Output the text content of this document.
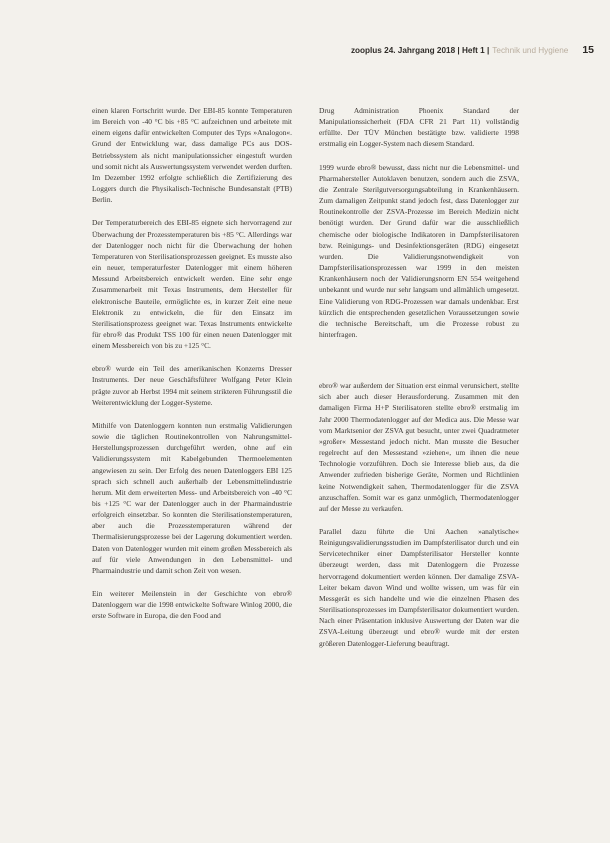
zooplus 24. Jahrgang 2018 | Heft 1 | Technik und Hygiene 15

einen klaren Fortschritt wurde. Der EBI-85 konnte Temperaturen im Bereich von -40 °C bis +85 °C aufzeichnen und arbeitete mit einem eigens dafür entwickelten Computer des Typs »Analogon«. Grund der Entwicklung war, dass damalige PCs aus DOS-Betriebssystem als nicht manipulationssicher eingestuft wurden und somit nicht als Auswertungssystem verwendet werden durften. Im Dezember 1992 erfolgte schließlich die Zertifizierung des Loggers durch die Physikalisch-Technische Bundesanstalt (PTB) Berlin.

Der Temperaturbereich des EBI-85 eignete sich hervorragend zur Überwachung der Prozesstemperaturen bis +85 °C. Allerdings war der Datenlogger noch nicht für die Überwachung der hohen Temperaturen von Sterilisationsprozessen geeignet. Es musste also ein neuer, temperaturfester Datenlogger mit einem höheren Messund Arbeitsbereich entwickelt werden. Eine sehr enge Zusammenarbeit mit Texas Instruments, dem Hersteller für elektronische Bauteile, ermöglichte es, in kurzer Zeit eine neue Elektronik zu entwickeln, die für den Einsatz im Sterilisationsprozess geeignet war. Texas Instruments entwickelte für ebro® das Produkt TSS 100 für einen neuen Datenlogger mit einem Messbereich von bis zu +125 °C.

ebro® wurde ein Teil des amerikanischen Konzerns Dresser Instruments. Der neue Geschäftsführer Wolfgang Peter Klein prägte zuvor ab Herbst 1994 mit seinem strikteren Führungsstil die Weiterentwicklung der Logger-Systeme.

Mithilfe von Datenloggern konnten nun erstmalig Validierungen sowie die täglichen Routinekontrollen von Nahrungsmittel-Herstellungsprozessen durchgeführt werden, ohne auf ein Validierungssystem mit Kabelgebunden Thermoelementen angewiesen zu sein. Der Erfolg des neuen Datenloggers EBI 125 sprach sich schnell auch außerhalb der Lebensmittelindustrie herum. Mit dem erweiterten Mess- und Arbeitsbereich von -40 °C bis +125 °C war der Datenlogger auch in der Pharmaindustrie erfolgreich einsetzbar. So konnten die Sterilisationstemperaturen, aber auch die Prozesstemperaturen während der Thermalisierungsprozesse bei der Lagerung dokumentiert werden. Daten von Datenlogger wurden mit einem großen Messbereich als auf für viele Anwendungen in den Lebensmittel- und Pharmaindustrie und damit schon Zeit von wesen.

Ein weiterer Meilenstein in der Geschichte von ebro® Datenloggern war die 1998 entwickelte Software Winlog 2000, die erste Software in Europa, die den Food and

Drug Administration Phoenix Standard der Manipulationssicherheit (FDA CFR 21 Part 11) vollständig erfüllte. Der TÜV München bestätigte bzw. validierte 1998 erstmalig ein Logger-System nach diesem Standard.

1999 wurde ebro® bewusst, dass nicht nur die Lebensmittel- und Pharmahersteller Autoklaven benutzen, sondern auch die ZSVA, die Zentrale Sterilgutversorgungsabteilung in Krankenhäusern. Zum damaligen Zeitpunkt stand jedoch fest, dass Datenlogger zur Routinekontrolle der ZSVA-Prozesse im Bereich Medizin nicht benötigt wurden. Der Grund dafür war die ausschließlich chemische oder biologische Indikatoren in Dampfsterilisatoren bzw. Reinigungs- und Desinfektionsgeräten (RDG) eingesetzt wurden. Die Validierungsnotwendigkeit von Dampfsterilisationsprozessen war 1999 in den meisten Krankenhäusern noch der Validierungsnorm EN 554 weitgehend unbekannt und wurde nur sehr langsam und allmählich umgesetzt. Eine Validierung von RDG-Prozessen war damals undenkbar. Erst kürzlich die entsprechenden gesetzlichen Voraussetzungen sowie die technische Bereitschaft, um die Prozesse robust zu hinterfragen.

ebro® war außerdem der Situation erst einmal verunsichert, stellte sich aber auch dieser Herausforderung. Zusammen mit den damaligen Firma H+P Sterilisatoren stellte ebro® erstmalig im Jahr 2000 Thermodatenlogger auf der Medica aus. Die Messe war vom Marktsenior der ZSVA gut besucht, unter zwei Quadratmeter »großer« Messestand jedoch nicht. Man musste die Besucher regelrecht auf den Messestand »ziehen«, um ihnen die neue Technologie vorzuführen. Doch sie Interesse blieb aus, da die Anwender zufrieden bisherige Geräte, Normen und Richtlinien keine Notwendigkeit sahen, Thermodatenlogger für die ZSVA anzuschaffen. Somit war es ganz unmöglich, Thermodatenlogger auf der Messe zu verkaufen.

Parallel dazu führte die Uni Aachen »analytische« Reinigungsvalidierungsstudien im Dampfsterilisator durch und ein Servicetechniker einer Dampfsterilisator Hersteller konnte überzeugt werden, dass mit Datenloggern die Prozesse hervorragend dokumentiert werden können. Der damalige ZSVA-Leiter bekam davon Wind und wollte wissen, um was für ein Messgerät es sich handelte und wie die einzelnen Phasen des Sterilisationsprozesses im Dampfsterilisator dokumentiert wurden. Nach einer Präsentation inklusive Auswertung der Daten war die ZSVA-Leitung überzeugt und ebro® wurde mit der ersten größeren Datenlogger-Lieferung beauftragt.
